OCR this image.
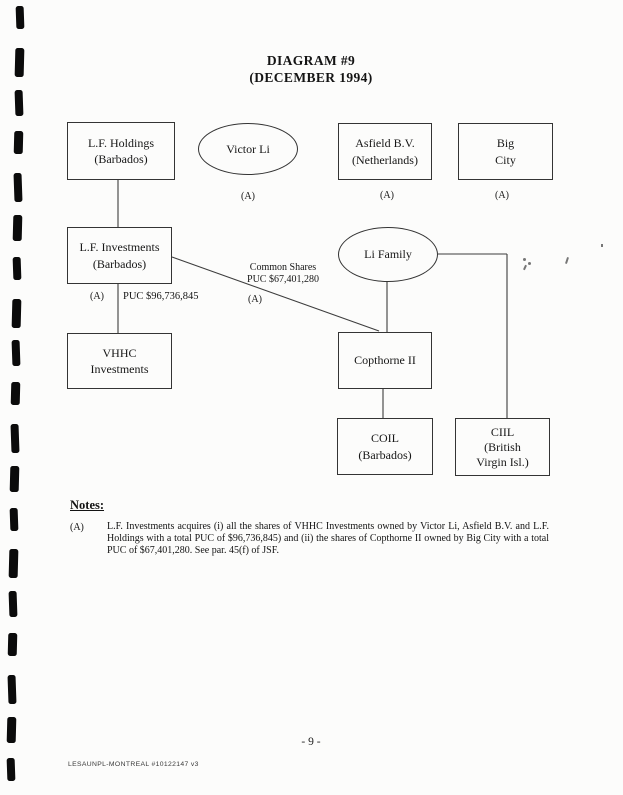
DIAGRAM #9
(DECEMBER 1994)
L.F. Holdings
(Barbados)
Victor Li	Asfield B.V.
(Netherlands)
Big
City
L.F. Investments
(Barbados)
Li Family
VHHC
Investments
Copthorne II
COIL
(Barbados)
CIIL
(British
Virgin Isl.)
(A)	(A)	(A)
(A)	(A)
PUC $96,736,845
Common Shares
PUC $67,401,280
Notes:
(A) L.F. Investments acquires (i) all the shares of VHHC Investments owned by Victor Li, Asfield B.V. and L.F. Holdings with a total PUC of $96,736,845) and (ii) the shares of Copthorne II owned by Big City with a total PUC of $67,401,280. See par. 45(f) of JSF.
- 9 -
LESAUNPL-MONTREAL #10122147 v3
